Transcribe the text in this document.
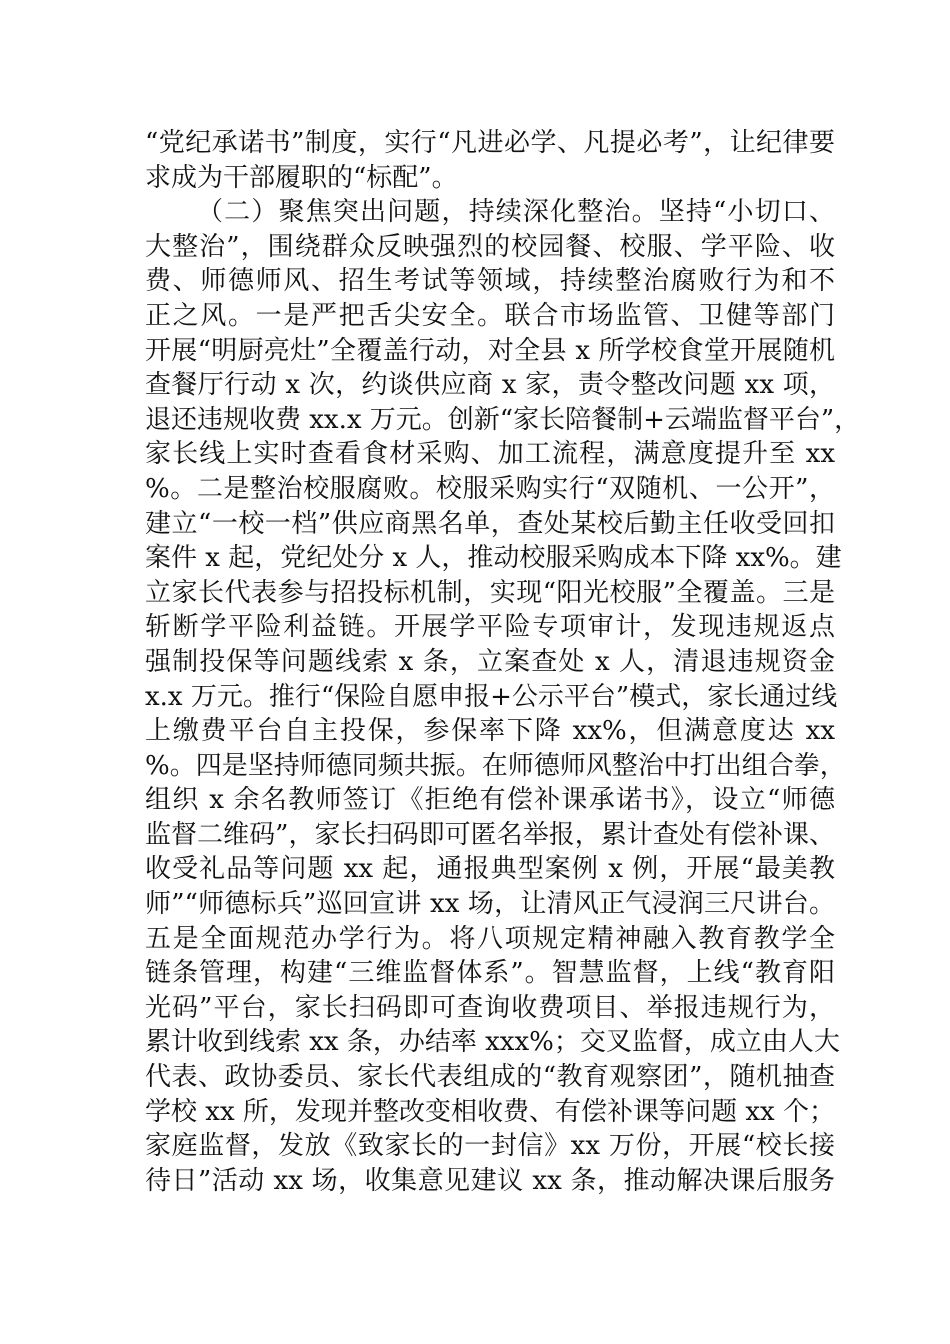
“党纪承诺书”制度，实行“凡进必学、凡提必考”，让纪律要
求成为干部履职的“标配”。
（二）聚焦突出问题，持续深化整治。坚持“小切口、
大整治”，围绕群众反映强烈的校园餐、校服、学平险、收
费、师德师风、招生考试等领域，持续整治腐败行为和不
正之风。一是严把舌尖安全。联合市场监管、卫健等部门
开展“明厨亮灶”全覆盖行动，对全县 x 所学校食堂开展随机
查餐厅行动 x 次，约谈供应商 x 家，责令整改问题 xx 项，
退还违规收费 xx.x 万元。创新“家长陪餐制+云端监督平台”，
家长线上实时查看食材采购、加工流程，满意度提升至 xx
%。二是整治校服腐败。校服采购实行“双随机、一公开”，
建立“一校一档”供应商黑名单，查处某校后勤主任收受回扣
案件 x 起，党纪处分 x 人，推动校服采购成本下降 xx%。建
立家长代表参与招投标机制，实现“阳光校服”全覆盖。三是
斩断学平险利益链。开展学平险专项审计，发现违规返点
强制投保等问题线索 x 条，立案查处 x 人，清退违规资金
x.x 万元。推行“保险自愿申报+公示平台”模式，家长通过线
上缴费平台自主投保，参保率下降 xx%，但满意度达 xx
%。四是坚持师德同频共振。在师德师风整治中打出组合拳，
组织 x 余名教师签订《拒绝有偿补课承诺书》，设立“师德
监督二维码”，家长扫码即可匿名举报，累计查处有偿补课、
收受礼品等问题 xx 起，通报典型案例 x 例，开展“最美教
师”“师德标兵”巡回宣讲 xx 场，让清风正气浸润三尺讲台。
五是全面规范办学行为。将八项规定精神融入教育教学全
链条管理，构建“三维监督体系”。智慧监督，上线“教育阳
光码”平台，家长扫码即可查询收费项目、举报违规行为，
累计收到线索 xx 条，办结率 xxx%；交叉监督，成立由人大
代表、政协委员、家长代表组成的“教育观察团”，随机抽查
学校 xx 所，发现并整改变相收费、有偿补课等问题 xx 个；
家庭监督，发放《致家长的一封信》xx 万份，开展“校长接
待日”活动 xx 场，收集意见建议 xx 条，推动解决课后服务
